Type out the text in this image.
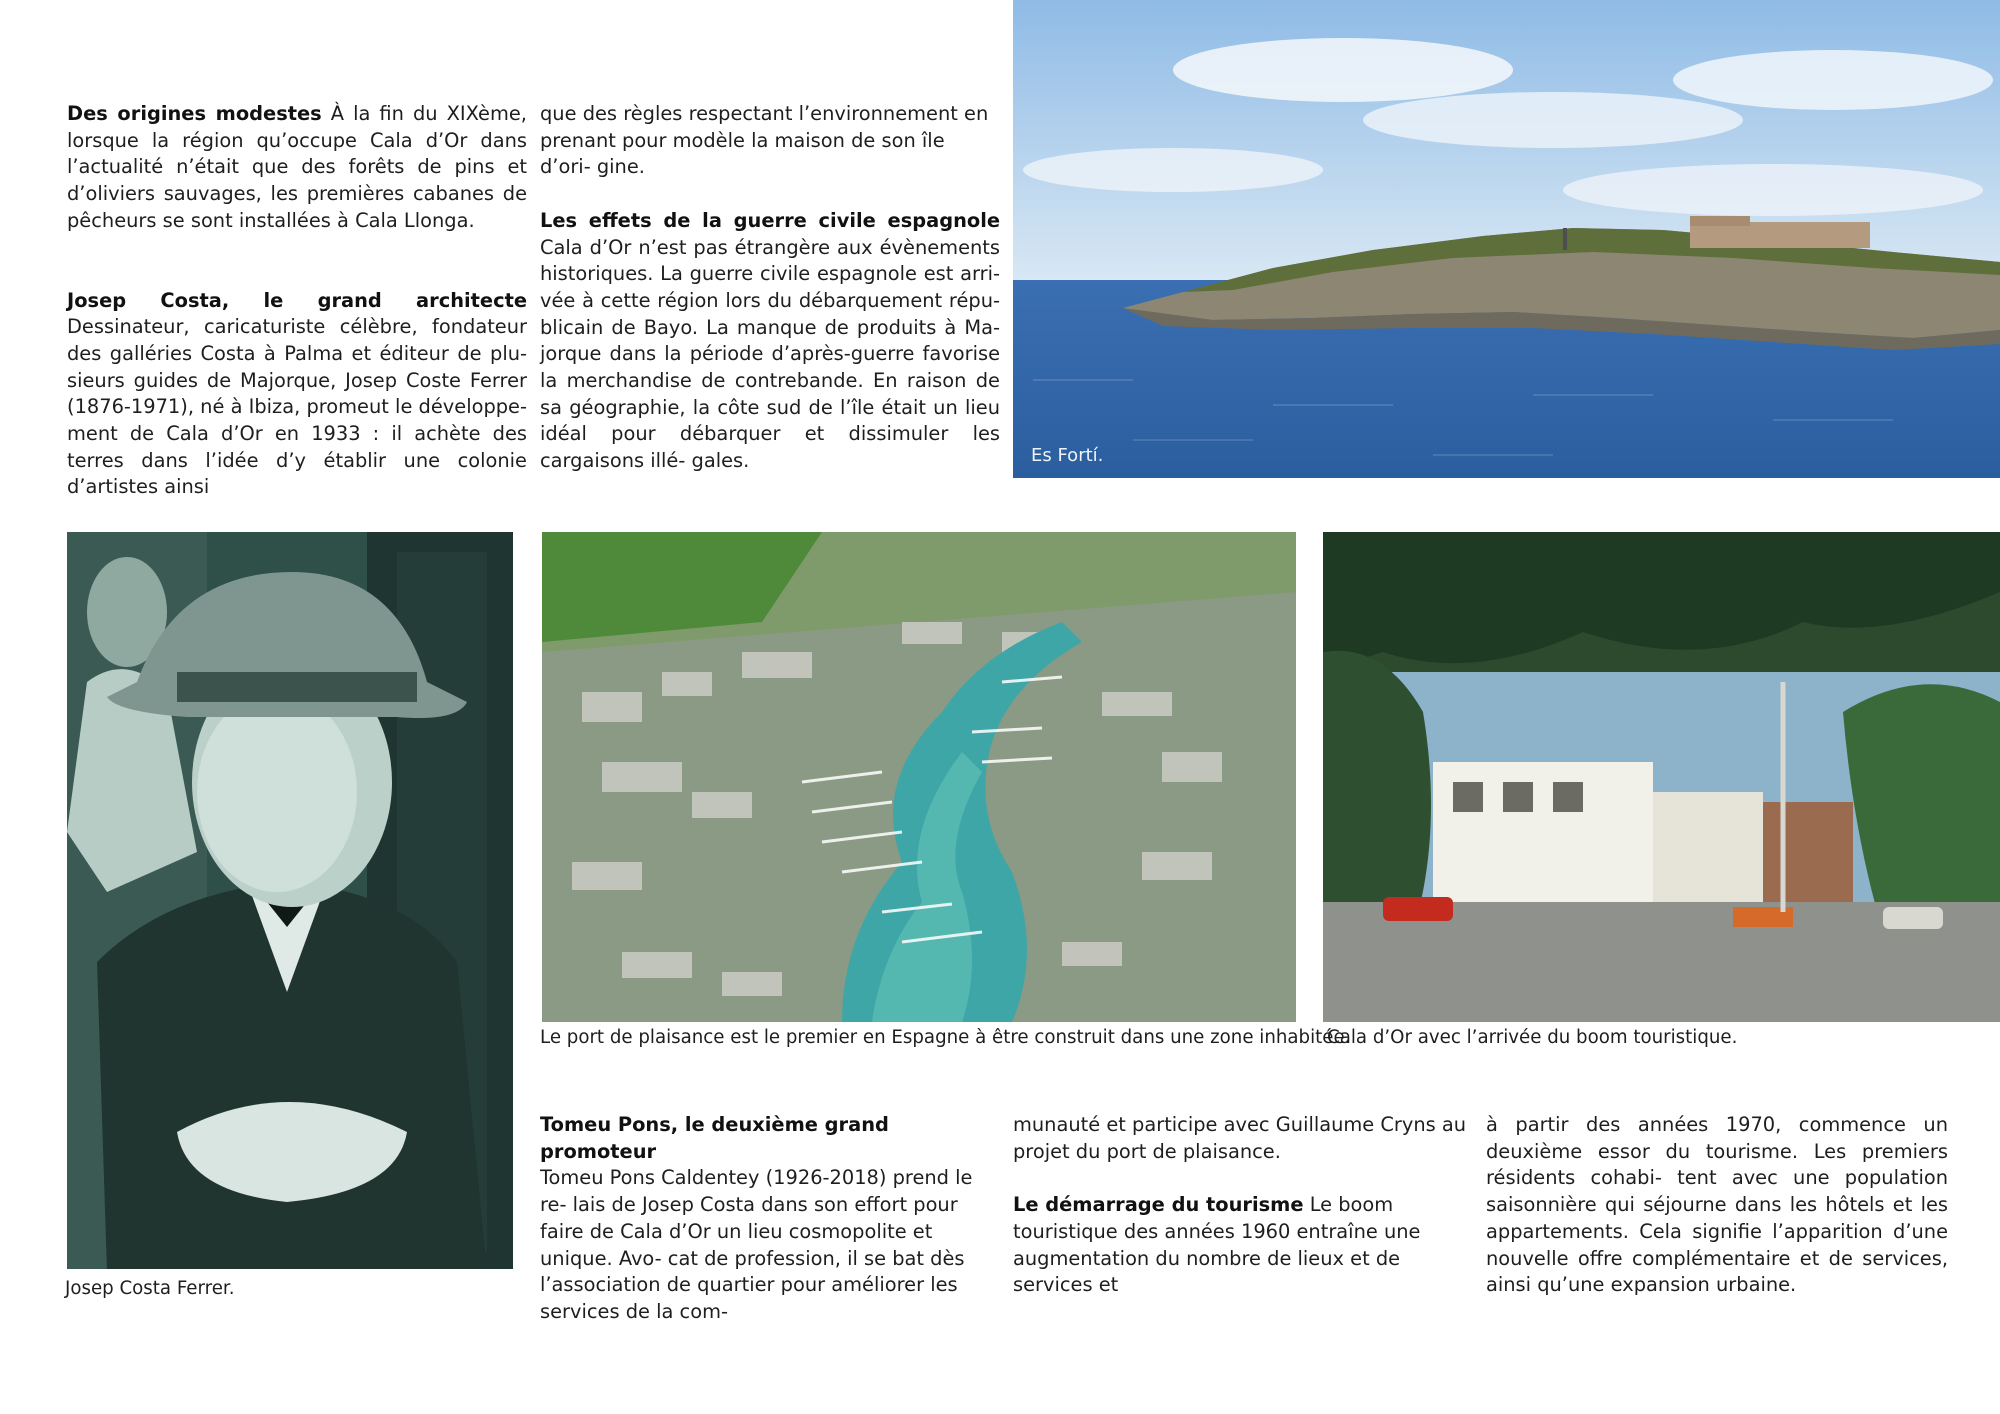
Des origines modestes À la fin du XIXème, lorsque la région qu’occupe Cala d’Or dans l’actualité n’était que des forêts de pins et d’oliviers sauvages, les premières cabanes de pêcheurs se sont installées à Cala Llonga.

Josep Costa, le grand architecte Dessinateur, caricaturiste célèbre, fondateur des galléries Costa à Palma et éditeur de plu- sieurs guides de Majorque, Josep Coste Ferrer (1876-1971), né à Ibiza, promeut le développe- ment de Cala d’Or en 1933 : il achète des terres dans l’idée d’y établir une colonie d’artistes ainsi

que des règles respectant l’environnement en prenant pour modèle la maison de son île d’ori- gine.

Les effets de la guerre civile espagnole Cala d’Or n’est pas étrangère aux évènements historiques. La guerre civile espagnole est arri- vée à cette région lors du débarquement répu- blicain de Bayo. La manque de produits à Ma- jorque dans la période d’après-guerre favorise la merchandise de contrebande. En raison de sa géographie, la côte sud de l’île était un lieu idéal pour débarquer et dissimuler les cargaisons illé- gales.	Es Fortí.
Josep Costa Ferrer.
Le port de plaisance est le premier en Espagne à être construit dans une zone inhabitée.
Cala d’Or avec l’arrivée du boom touristique.

Tomeu Pons, le deuxième grand promoteur

Tomeu Pons Caldentey (1926-2018) prend le re- lais de Josep Costa dans son effort pour faire de Cala d’Or un lieu cosmopolite et unique. Avo- cat de profession, il se bat dès l’association de quartier pour améliorer les services de la com-

munauté et participe avec Guillaume Cryns au projet du port de plaisance.

Le démarrage du tourisme Le boom touristique des années 1960 entraîne une augmentation du nombre de lieux et de services et

à partir des années 1970, commence un deuxième essor du tourisme. Les premiers résidents cohabi- tent avec une population saisonnière qui séjourne dans les hôtels et les appartements. Cela signifie l’apparition d’une nouvelle offre complémentaire et de services, ainsi qu’une expansion urbaine.
